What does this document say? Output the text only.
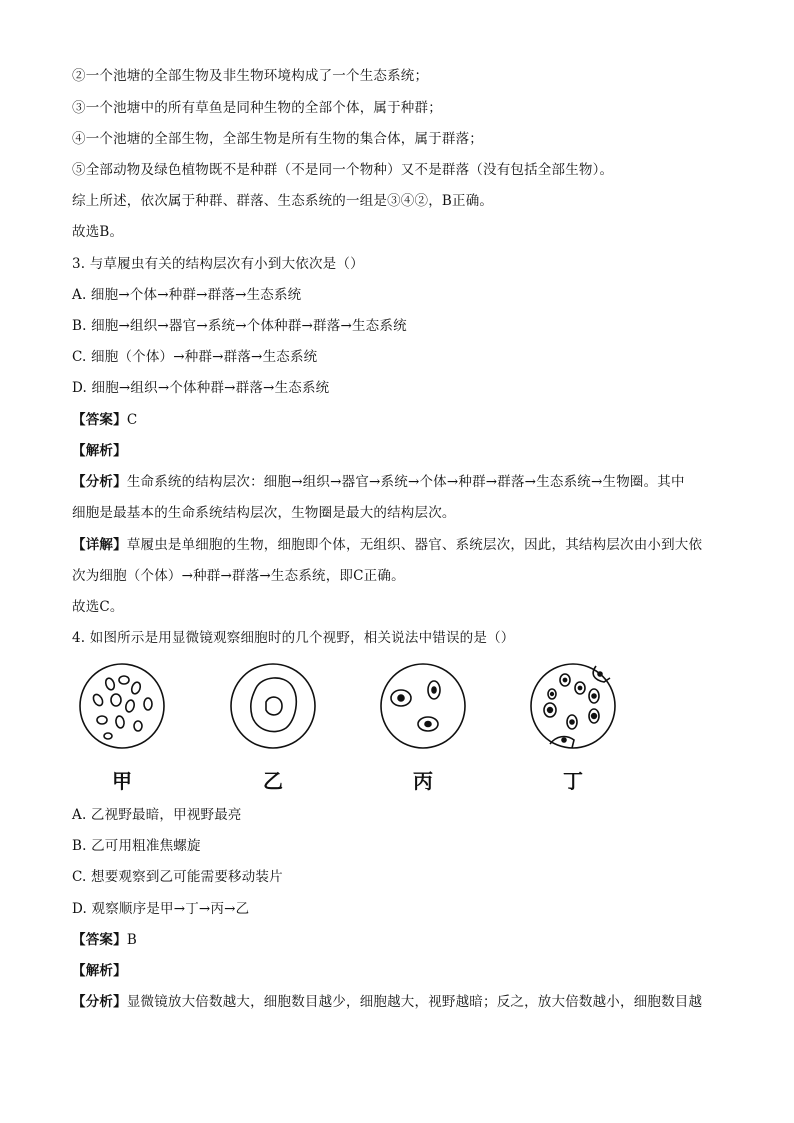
②一个池塘的全部生物及非生物环境构成了一个生态系统；
③一个池塘中的所有草鱼是同种生物的全部个体，属于种群；
④一个池塘的全部生物，全部生物是所有生物的集合体，属于群落；
⑤全部动物及绿色植物既不是种群（不是同一个物种）又不是群落（没有包括全部生物）。
综上所述，依次属于种群、群落、生态系统的一组是③④②，B正确。
故选B。
3. 与草履虫有关的结构层次有小到大依次是（）
A. 细胞→个体→种群→群落→生态系统
B. 细胞→组织→器官→系统→个体种群→群落→生态系统
C. 细胞（个体）→种群→群落→生态系统
D. 细胞→组织→个体种群→群落→生态系统
【答案】C
【解析】
【分析】生命系统的结构层次：细胞→组织→器官→系统→个体→种群→群落→生态系统→生物圈。其中
细胞是最基本的生命系统结构层次，生物圈是最大的结构层次。
【详解】草履虫是单细胞的生物，细胞即个体，无组织、器官、系统层次，因此，其结构层次由小到大依
次为细胞（个体）→种群→群落→生态系统，即C正确。
故选C。
4. 如图所示是用显微镜观察细胞时的几个视野，相关说法中错误的是（）
甲	乙	丙	丁
A. 乙视野最暗，甲视野最亮
B. 乙可用粗准焦螺旋
C. 想要观察到乙可能需要移动装片
D. 观察顺序是甲→丁→丙→乙
【答案】B
【解析】
【分析】显微镜放大倍数越大，细胞数目越少，细胞越大，视野越暗；反之，放大倍数越小，细胞数目越
